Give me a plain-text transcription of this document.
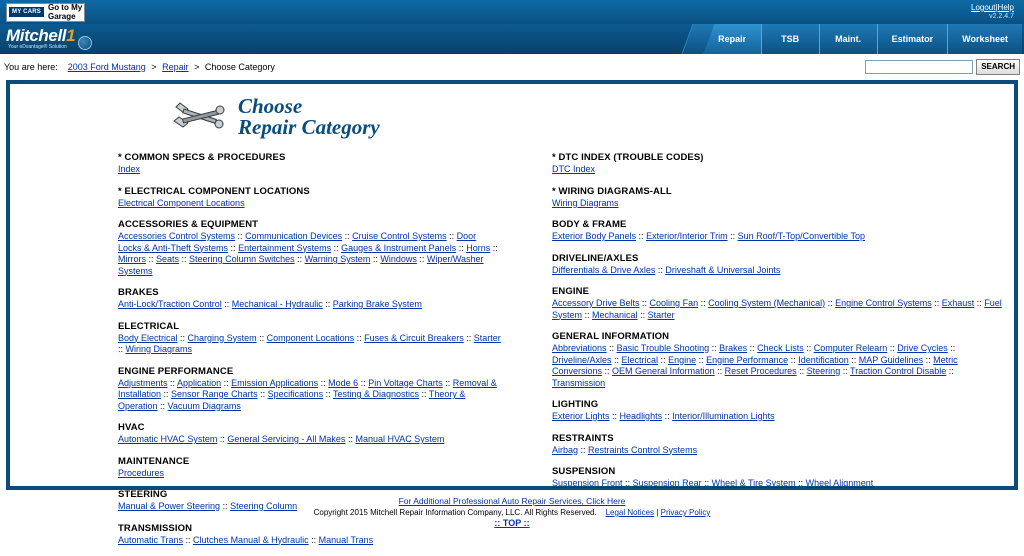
MY CARS Go to My
Garage
Logout|Help
v2.2.4.7
Mitchell1
Your eDvantage® Solution
Repair	TSB	Maint.	Estimator	Worksheet
You are here: 2003 Ford Mustang > Repair > Choose Category	SEARCH
Choose
Repair Category
* COMMON SPECS & PROCEDURES
Index
* ELECTRICAL COMPONENT LOCATIONS
Electrical Component Locations
ACCESSORIES & EQUIPMENT
Accessories Control Systems :: Communication Devices :: Cruise Control Systems :: Door Locks & Anti-Theft Systems :: Entertainment Systems :: Gauges & Instrument Panels :: Horns :: Mirrors :: Seats :: Steering Column Switches :: Warning System :: Windows :: Wiper/Washer Systems
BRAKES
Anti-Lock/Traction Control :: Mechanical - Hydraulic :: Parking Brake System
ELECTRICAL
Body Electrical :: Charging System :: Component Locations :: Fuses & Circuit Breakers :: Starter :: Wiring Diagrams
ENGINE PERFORMANCE
Adjustments :: Application :: Emission Applications :: Mode 6 :: Pin Voltage Charts :: Removal & Installation :: Sensor Range Charts :: Specifications :: Testing & Diagnostics :: Theory & Operation :: Vacuum Diagrams
HVAC
Automatic HVAC System :: General Servicing - All Makes :: Manual HVAC System
MAINTENANCE
Procedures
STEERING
Manual & Power Steering :: Steering Column
TRANSMISSION
Automatic Trans :: Clutches Manual & Hydraulic :: Manual Trans
* DTC INDEX (TROUBLE CODES)
DTC Index
* WIRING DIAGRAMS-ALL
Wiring Diagrams
BODY & FRAME
Exterior Body Panels :: Exterior/Interior Trim :: Sun Roof/T-Top/Convertible Top
DRIVELINE/AXLES
Differentials & Drive Axles :: Driveshaft & Universal Joints
ENGINE
Accessory Drive Belts :: Cooling Fan :: Cooling System (Mechanical) :: Engine Control Systems :: Exhaust :: Fuel System :: Mechanical :: Starter
GENERAL INFORMATION
Abbreviations :: Basic Trouble Shooting :: Brakes :: Check Lists :: Computer Relearn :: Drive Cycles :: Driveline/Axles :: Electrical :: Engine :: Engine Performance :: Identification :: MAP Guidelines :: Metric Conversions :: OEM General Information :: Reset Procedures :: Steering :: Traction Control Disable :: Transmission
LIGHTING
Exterior Lights :: Headlights :: Interior/Illumination Lights
RESTRAINTS
Airbag :: Restraints Control Systems
SUSPENSION
Suspension Front :: Suspension Rear :: Wheel & Tire System :: Wheel Alignment
For Additional Professional Auto Repair Services, Click Here
Copyright 2015 Mitchell Repair Information Company, LLC. All Rights Reserved. Legal Notices | Privacy Policy
:: TOP ::
